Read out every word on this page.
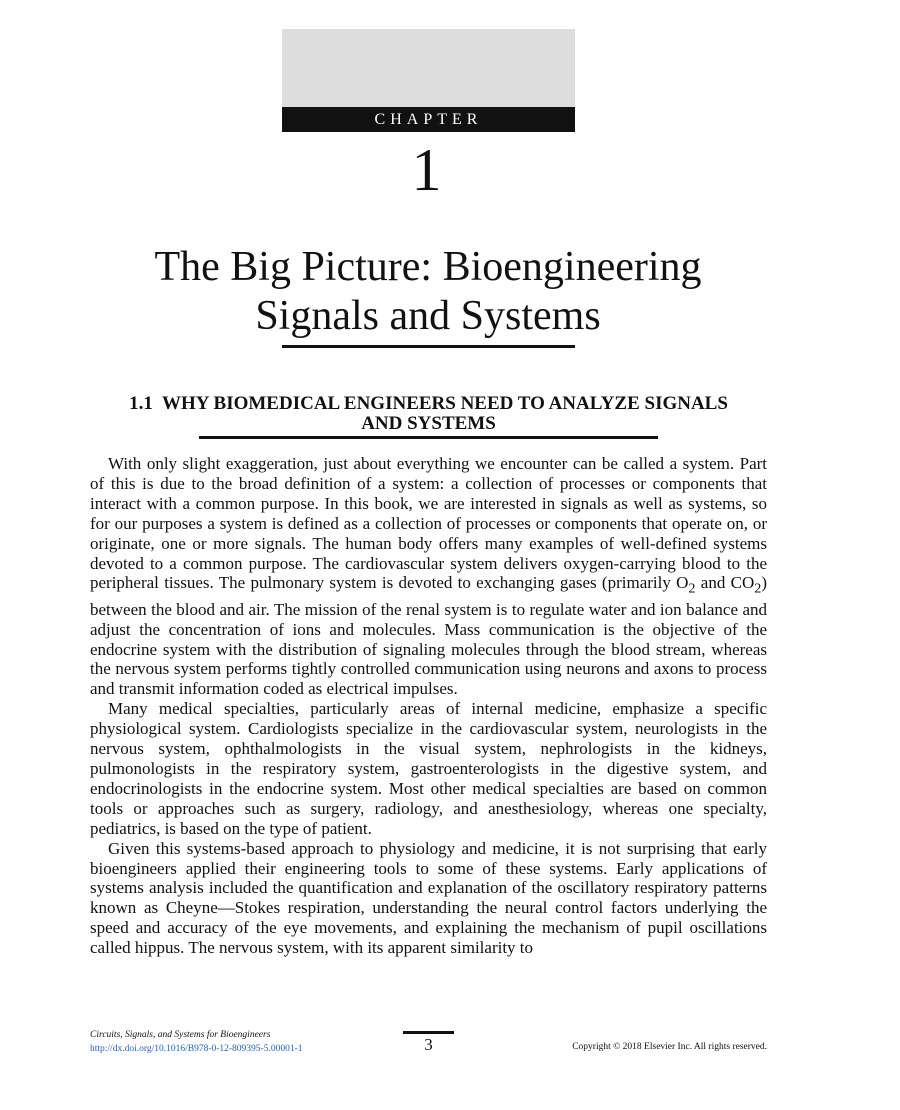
CHAPTER
1
The Big Picture: Bioengineering
Signals and Systems
1.1  WHY BIOMEDICAL ENGINEERS NEED TO ANALYZE SIGNALS
AND SYSTEMS

With only slight exaggeration, just about everything we encounter can be called a system. Part of this is due to the broad definition of a system: a collection of processes or components that interact with a common purpose. In this book, we are interested in signals as well as systems, so for our purposes a system is defined as a collection of processes or components that operate on, or originate, one or more signals. The human body offers many examples of well-defined systems devoted to a common purpose. The cardiovascular system delivers oxygen-carrying blood to the peripheral tissues. The pulmonary system is devoted to exchanging gases (primarily $O_2$ and $CO_2$) between the blood and air. The mission of the renal system is to regulate water and ion balance and adjust the concentration of ions and molecules. Mass communication is the objective of the endocrine system with the distribution of signaling molecules through the blood stream, whereas the nervous system performs tightly controlled communication using neurons and axons to process and transmit information coded as electrical impulses.

Many medical specialties, particularly areas of internal medicine, emphasize a specific physiological system. Cardiologists specialize in the cardiovascular system, neurologists in the nervous system, ophthalmologists in the visual system, nephrologists in the kidneys, pulmonologists in the respiratory system, gastroenterologists in the digestive system, and endocrinologists in the endocrine system. Most other medical specialties are based on common tools or approaches such as surgery, radiology, and anesthesiology, whereas one specialty, pediatrics, is based on the type of patient.

Given this systems-based approach to physiology and medicine, it is not surprising that early bioengineers applied their engineering tools to some of these systems. Early applications of systems analysis included the quantification and explanation of the oscillatory respiratory patterns known as Cheyne—Stokes respiration, understanding the neural control factors underlying the speed and accuracy of the eye movements, and explaining the mechanism of pupil oscillations called hippus. The nervous system, with its apparent similarity to

Circuits, Signals, and Systems for Bioengineers
http://dx.doi.org/10.1016/B978-0-12-809395-5.00001-1	3	Copyright © 2018 Elsevier Inc. All rights reserved.
